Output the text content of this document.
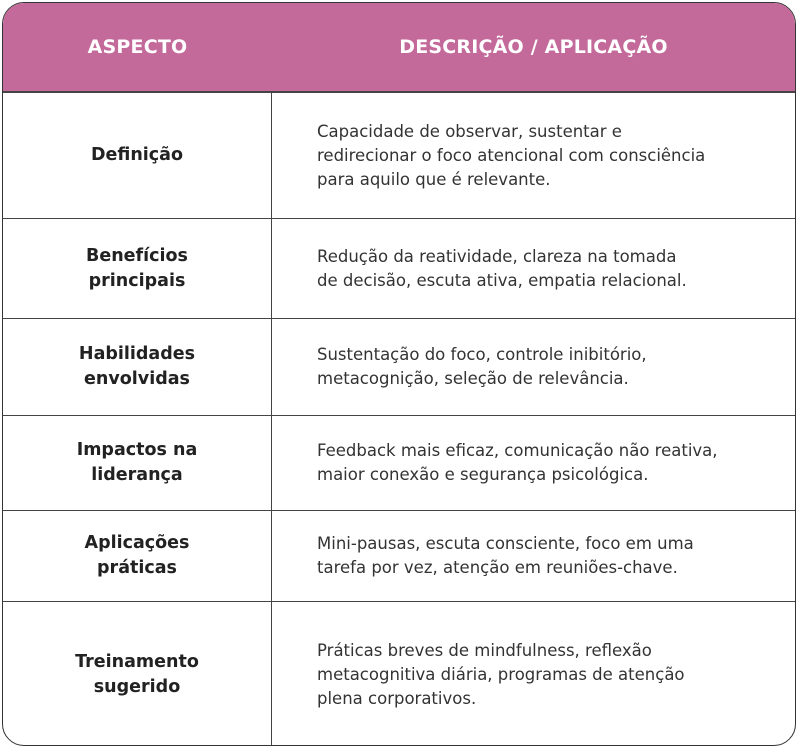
ASPECTO	DESCRIÇÃO / APLICAÇÃO
Definição
Capacidade de observar, sustentar e
redirecionar o foco atencional com consciência
para aquilo que é relevante.
Benefícios
principais
Redução da reatividade, clareza na tomada
de decisão, escuta ativa, empatia relacional.
Habilidades
envolvidas
Sustentação do foco, controle inibitório,
metacognição, seleção de relevância.
Impactos na
liderança
Feedback mais eficaz, comunicação não reativa,
maior conexão e segurança psicológica.
Aplicações
práticas
Mini-pausas, escuta consciente, foco em uma
tarefa por vez, atenção em reuniões-chave.
Treinamento
sugerido
Práticas breves de mindfulness, reflexão
metacognitiva diária, programas de atenção
plena corporativos.
